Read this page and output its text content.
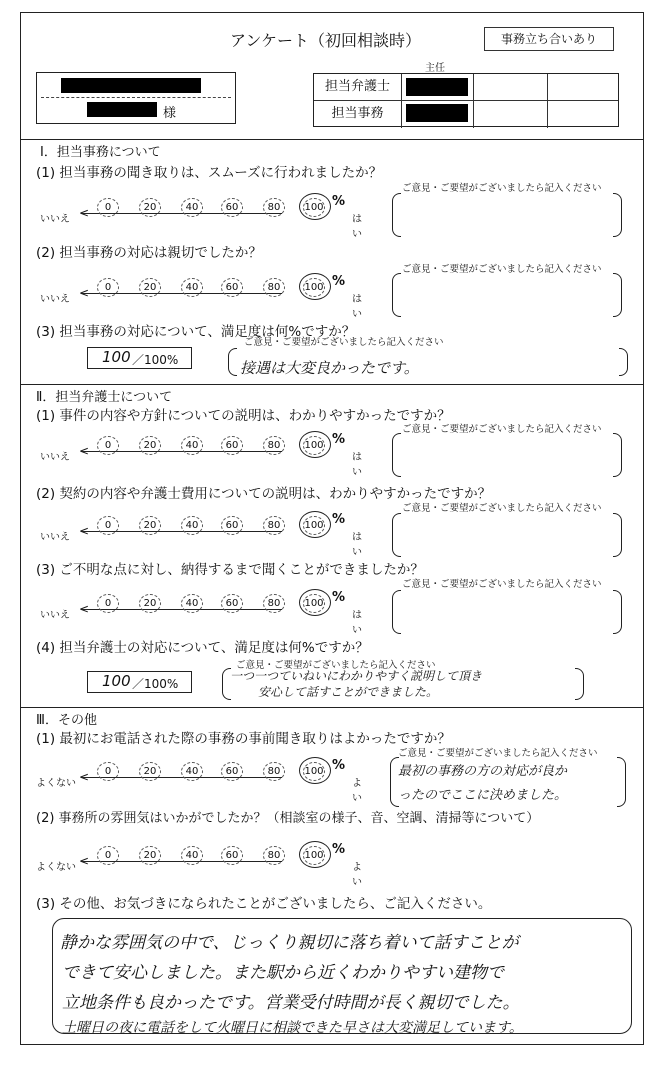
アンケート（初回相談時）	事務立ち合いあり
様
主任
担当弁護士
担当事務
Ⅰ．担当事務について
(1) 担当事務の聞き取りは、スムーズに行われましたか？
いいえ <	0	20	40	60	80	100 %
はい
ご意見・ご要望がございましたら記入ください
(2) 担当事務の対応は親切でしたか？
いいえ <	0	20	40	60	80	100 %
はい
ご意見・ご要望がございましたら記入ください
(3) 担当事務の対応について、満足度は何%ですか？
100 ／100%
ご意見・ご要望がございましたら記入ください
接遇は大変良かったです。
Ⅱ．担当弁護士について
(1) 事件の内容や方針についての説明は、わかりやすかったですか？
いいえ <	0	20	40	60	80	100 %
はい
ご意見・ご要望がございましたら記入ください
(2) 契約の内容や弁護士費用についての説明は、わかりやすかったですか？
いいえ <	0	20	40	60	80	100 %
はい
ご意見・ご要望がございましたら記入ください
(3) ご不明な点に対し、納得するまで聞くことができましたか？
いいえ <	0	20	40	60	80	100 %
はい
ご意見・ご要望がございましたら記入ください
(4) 担当弁護士の対応について、満足度は何%ですか？
100 ／100%
ご意見・ご要望がございましたら記入ください
一つ一つていねいにわかりやすく説明して頂き
安心して話すことができました。
Ⅲ．その他
(1) 最初にお電話された際の事務の事前聞き取りはよかったですか？
よくない <	0	20	40	60	80	100 %
よい
ご意見・ご要望がございましたら記入ください
最初の事務の方の対応が良か
ったのでここに決めました。
(2) 事務所の雰囲気はいかがでしたか？（相談室の様子、音、空調、清掃等について）
よくない <	0	20	40	60	80	100 %
よい
(3) その他、お気づきになられたことがございましたら、ご記入ください。
静かな雰囲気の中で、じっくり親切に落ち着いて話すことが
できて安心しました。また駅から近くわかりやすい建物で
立地条件も良かったです。営業受付時間が長く親切でした。
土曜日の夜に電話をして火曜日に相談できた早さは大変満足しています。
